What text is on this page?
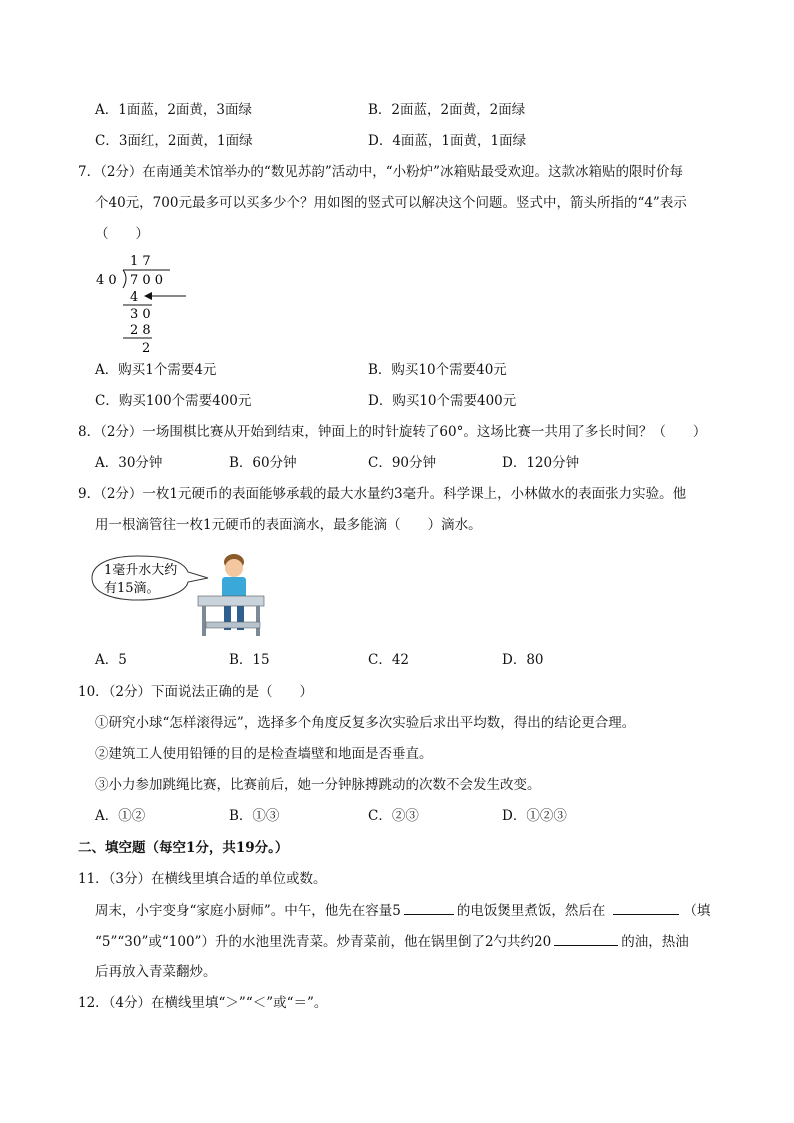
A．1面蓝，2面黄，3面绿	B．2面蓝，2面黄，2面绿
C．3面红，2面黄，1面绿	D．4面蓝，1面黄，1面绿
7．（2分）在南通美术馆举办的“数见苏韵”活动中，“小粉炉”冰箱贴最受欢迎。这款冰箱贴的限时价每
个40元，700元最多可以买多少个？用如图的竖式可以解决这个问题。竖式中，箭头所指的“4”表示
（　　）
1 7
4 0 7 0 0
4
3 0
2 8
2
A．购买1个需要4元	B．购买10个需要40元
C．购买100个需要400元	D．购买10个需要400元
8．（2分）一场围棋比赛从开始到结束，钟面上的时针旋转了60°。这场比赛一共用了多长时间？（　　）
A．30分钟	B．60分钟	C．90分钟	D．120分钟
9．（2分）一枚1元硬币的表面能够承载的最大水量约3毫升。科学课上，小林做水的表面张力实验。他
用一根滴管往一枚1元硬币的表面滴水，最多能滴（　　）滴水。
1毫升水大约
有15滴。
A．5	B．15	C．42	D．80
10．（2分）下面说法正确的是（　　）
①研究小球“怎样滚得远”，选择多个角度反复多次实验后求出平均数，得出的结论更合理。
②建筑工人使用铅锤的目的是检查墙壁和地面是否垂直。
③小力参加跳绳比赛，比赛前后，她一分钟脉搏跳动的次数不会发生改变。
A．①②	B．①③	C．②③	D．①②③
二、填空题（每空1分，共19分。）
11．（3分）在横线里填合适的单位或数。
周末，小宇变身“家庭小厨师”。中午，他先在容量5	的电饭煲里煮饭，然后在	（填
“5”“30”或“100”）升的水池里洗青菜。炒青菜前，他在锅里倒了2勺共约20	的油，热油
后再放入青菜翻炒。
12．（4分）在横线里填“＞”“＜”或“＝”。
